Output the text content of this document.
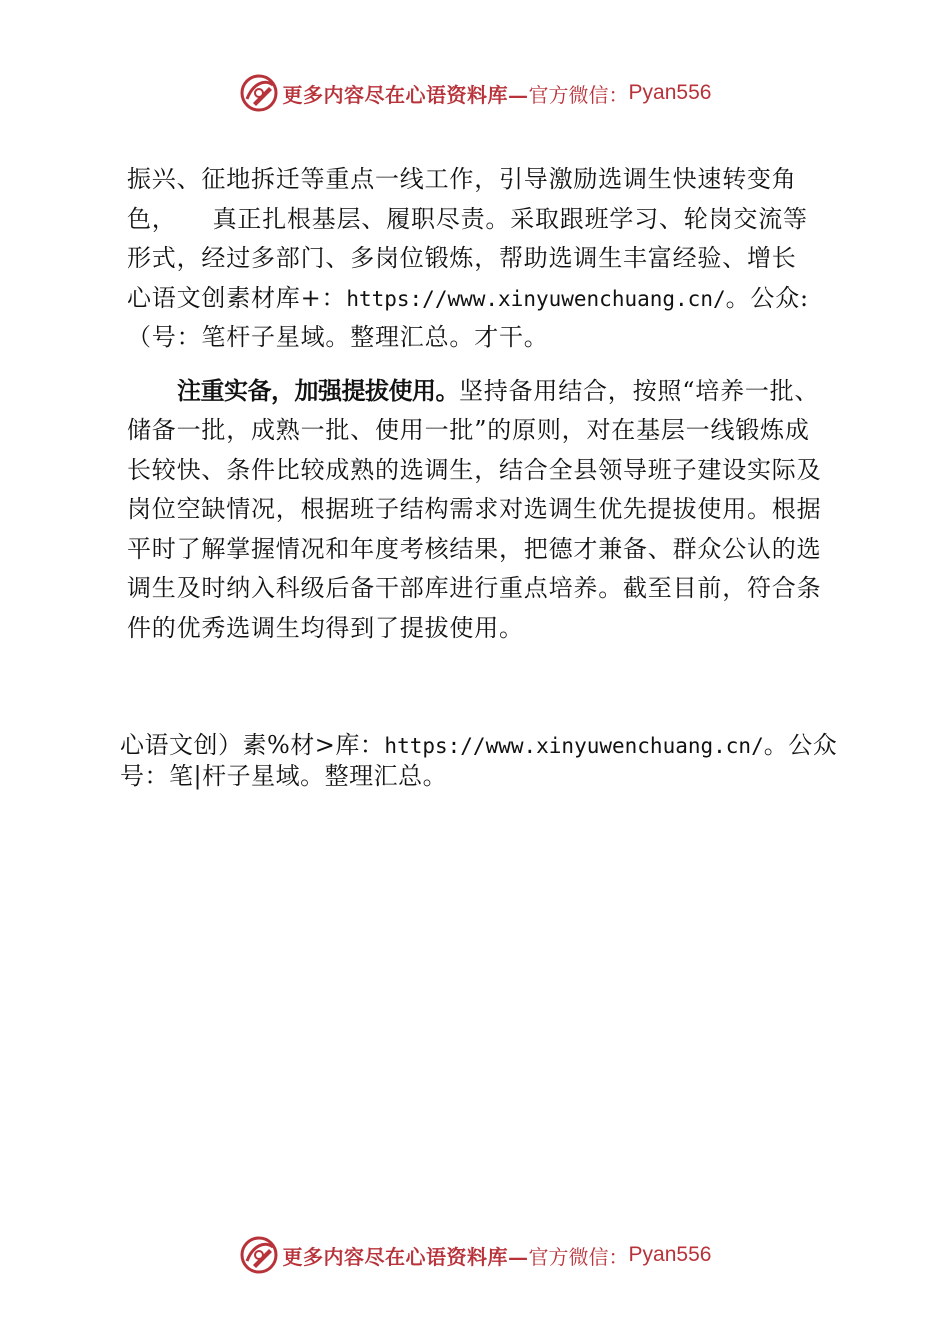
更多内容尽在心语资料库— 官方微信： Pyan556
振兴、征地拆迁等重点一线工作，引导激励选调生快速转变角
色， 真正扎根基层、履职尽责。采取跟班学习、轮岗交流等
形式，经过多部门、多岗位锻炼，帮助选调生丰富经验、增长
心语文创素材库+：https://www.xinyuwenchuang.cn/。公众:
（号：笔杆子星域。整理汇总。才干。
注重实备，加强提拔使用。坚持备用结合，按照“培养一批、
储备一批，成熟一批、使用一批”的原则，对在基层一线锻炼成
长较快、条件比较成熟的选调生，结合全县领导班子建设实际及
岗位空缺情况，根据班子结构需求对选调生优先提拔使用。根据
平时了解掌握情况和年度考核结果，把德才兼备、群众公认的选
调生及时纳入科级后备干部库进行重点培养。截至目前，符合条
件的优秀选调生均得到了提拔使用。
心语文创）素%材>库：https://www.xinyuwenchuang.cn/。公众
号：笔|杆子星域。整理汇总。
更多内容尽在心语资料库— 官方微信： Pyan556
